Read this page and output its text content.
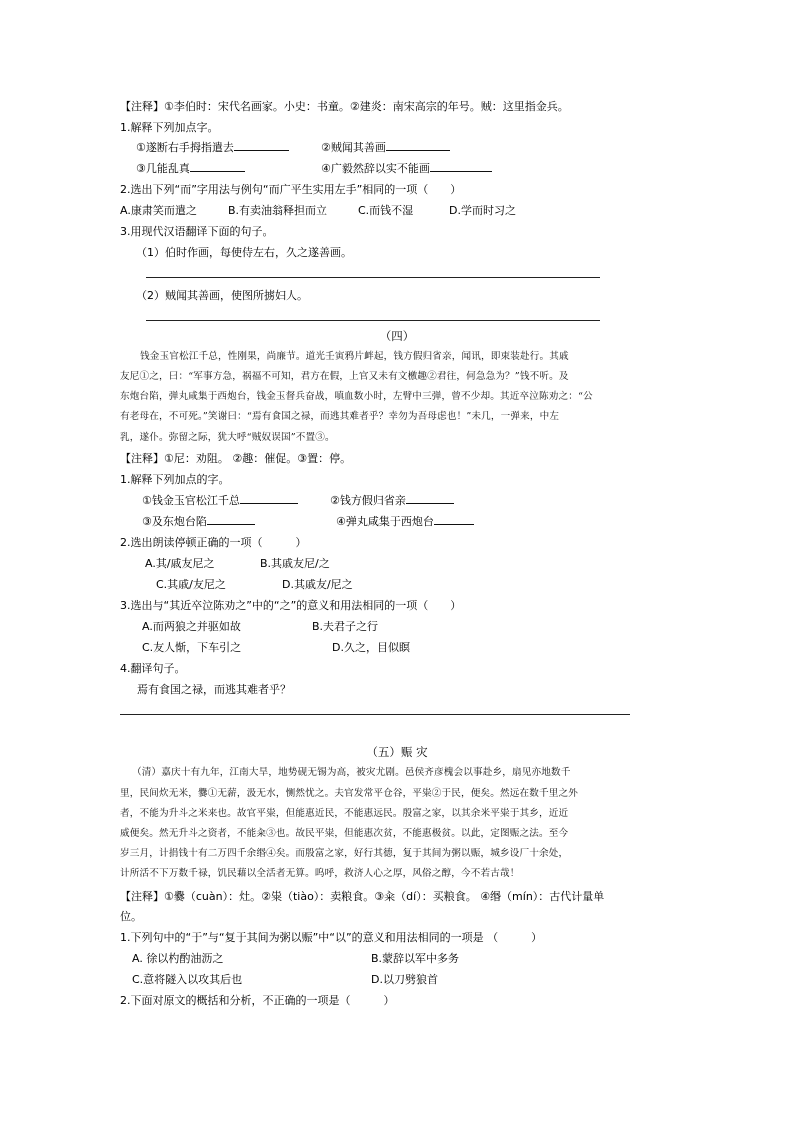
【注释】①李伯时：宋代名画家。小史：书童。②建炎：南宋高宗的年号。贼：这里指金兵。
1.解释下列加点字。
①遂断右手拇指遣去	②贼闻其善画
③几能乱真	④广毅然辞以实不能画
2.选出下列“而”字用法与例句“而广平生实用左手”相同的一项（　　）
A.康肃笑而遣之	B.有卖油翁释担而立	C.而钱不湿	D.学而时习之
3.用现代汉语翻译下面的句子。
（1）伯时作画，每使侍左右，久之遂善画。
（2）贼闻其善画，使图所掳妇人。
（四）
钱金玉官松江千总，性刚果，尚廉节。道光壬寅鸦片衅起，钱方假归省亲，闻讯，即束装赴行。其戚
友尼①之，曰：“军事方急，祸福不可知，君方在假，上官又未有文檄趣②君往，何急急为？”钱不听。及
东炮台陷，弹丸咸集于西炮台，钱金玉督兵奋战，嗔血数小时，左臂中三弹，曾不少却。其近卒泣陈劝之：“公
有老母在，不可死。”笑谢曰：“焉有食国之禄，而逃其难者乎？幸勿为吾母虑也！”未几，一弹来，中左
乳，遂仆。弥留之际，犹大呼“贼奴误国”不置③。
【注释】①尼：劝阻。 ②趣：催促。③置：停。
1.解释下列加点的字。
①钱金玉官松江千总	②钱方假归省亲
③及东炮台陷	④弹丸咸集于西炮台
2.选出朗读停顿正确的一项（　　　）
A.其/戚友尼之	B.其戚友尼/之
C.其戚/友尼之	D.其戚友/尼之
3.选出与“其近卒泣陈劝之”中的“之”的意义和用法相同的一项（　　）
A.而两狼之并驱如故	B.夫君子之行
C.友人惭，下车引之	D.久之，目似瞑
4.翻译句子。
焉有食国之禄，而逃其难者乎？
（五）赈 灾
（清）嘉庆十有九年，江南大旱，地势砚无锡为高，被灾尤剧。邑侯齐彦槐会以事赴乡，扇见亦地数千
里，民间炊无米，爨①无薪，汲无水，恻然忧之。夫官发常平仓谷，平粜②于民，便矣。然远在数千里之外
者，不能为升斗之米来也。故官平粜，但能惠近民，不能惠远民。殷富之家，以其余米平粜于其乡，近近
威便矣。然无升斗之资者，不能籴③也。故民平粜，但能惠次贫，不能惠极贫。以此，定图赈之法。至今
岁三月，计捐钱十有二万四千余缗④矣。而殷富之家，好行其德，复于其间为粥以赈，城乡设厂十余处，
计所活不下万数千禄，饥民藉以全活者无算。呜呼，救济人心之厚，风俗之醇，今不若古哉！
【注释】①爨（cuàn）：灶。②粜（tiào）：卖粮食。③籴（dí）：买粮食。 ④缗（mín）：古代计量单
位。
1.下列句中的“于”与“复于其间为粥以赈”中“以”的意义和用法相同的一项是 （　　　）
A. 徐以杓酌油沥之	B.蒙辞以军中多务
C.意将隧入以攻其后也	D.以刀劈狼首
2.下面对原文的概括和分析，不正确的一项是（　　　）
